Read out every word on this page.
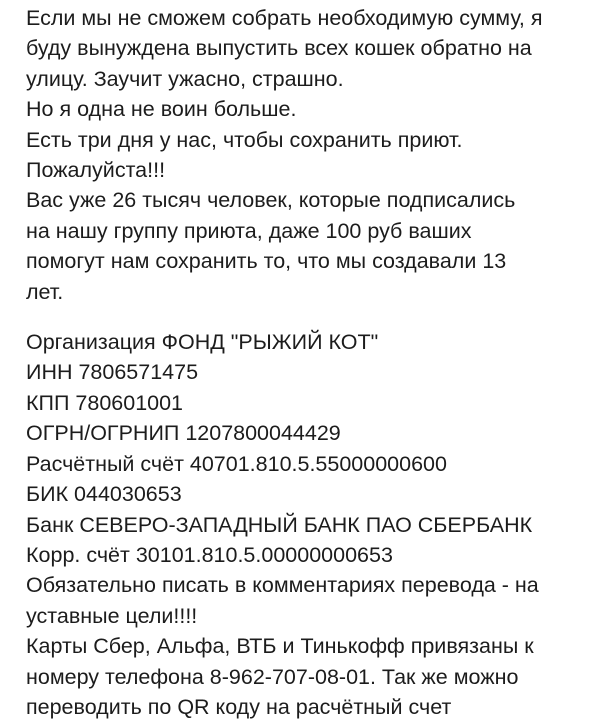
Если мы не сможем собрать необходимую сумму, я
буду вынуждена выпустить всех кошек обратно на
улицу. Заучит ужасно, страшно.
Но я одна не воин больше.
Есть три дня у нас, чтобы сохранить приют.
Пожалуйста!!!
Вас уже 26 тысяч человек, которые подписались
на нашу группу приюта, даже 100 руб ваших
помогут нам сохранить то, что мы создавали 13
лет.
Организация ФОНД "РЫЖИЙ КОТ"
ИНН 7806571475
КПП 780601001
ОГРН/ОГРНИП 1207800044429
Расчётный счёт 40701.810.5.55000000600
БИК 044030653
Банк СЕВЕРО-ЗАПАДНЫЙ БАНК ПАО СБЕРБАНК
Корр. счёт 30101.810.5.00000000653
Обязательно писать в комментариях перевода - на
уставные цели!!!!
Карты Сбер, Альфа, ВТБ и Тинькофф привязаны к
номеру телефона 8-962-707-08-01. Так же можно
переводить по QR коду на расчётный счет
